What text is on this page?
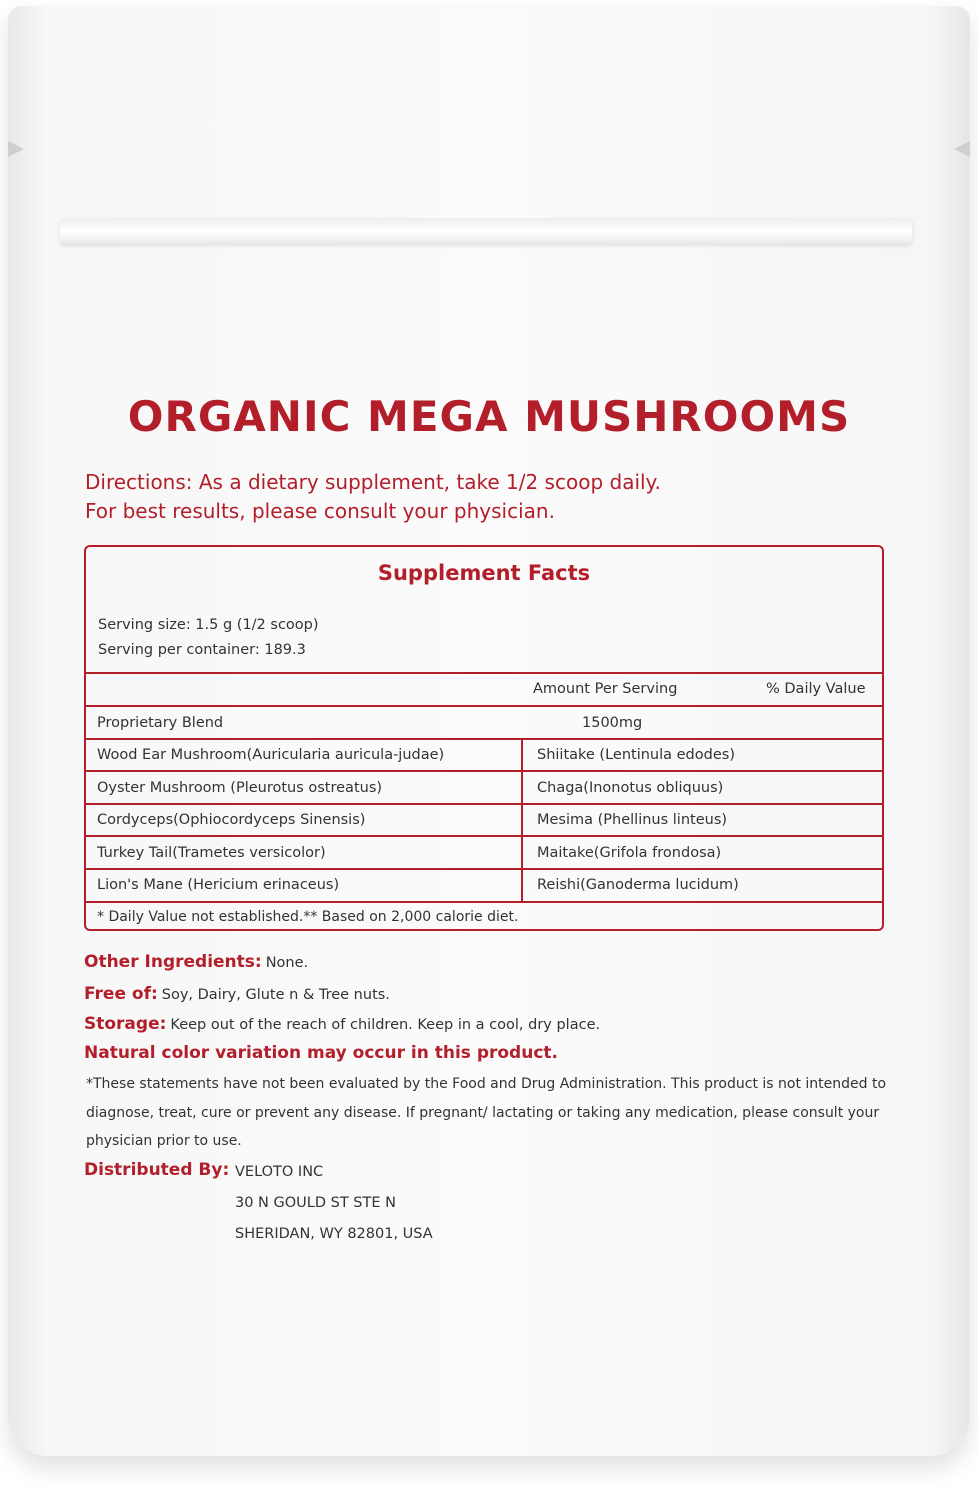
ORGANIC MEGA MUSHROOMS
Directions: As a dietary supplement, take 1/2 scoop daily.
For best results, please consult your physician.
Supplement Facts
Serving size: 1.5 g (1/2 scoop)
Serving per container: 189.3
Amount Per Serving	% Daily Value
Proprietary Blend	1500mg
Wood Ear Mushroom(Auricularia auricula-judae)	Shiitake (Lentinula edodes)
Oyster Mushroom (Pleurotus ostreatus)	Chaga(Inonotus obliquus)
Cordyceps(Ophiocordyceps Sinensis)	Mesima (Phellinus linteus)
Turkey Tail(Trametes versicolor)	Maitake(Grifola frondosa)
Lion's Mane (Hericium erinaceus)	Reishi(Ganoderma lucidum)
* Daily Value not established.** Based on 2,000 calorie diet.
Other Ingredients: None.
Free of: Soy, Dairy, Glute n & Tree nuts.
Storage: Keep out of the reach of children. Keep in a cool, dry place.
Natural color variation may occur in this product.
*These statements have not been evaluated by the Food and Drug Administration. This product is not intended to
diagnose, treat, cure or prevent any disease. If pregnant/ lactating or taking any medication, please consult your
physician prior to use.
Distributed By: VELOTO INC
30 N GOULD ST STE N
SHERIDAN, WY 82801, USA
